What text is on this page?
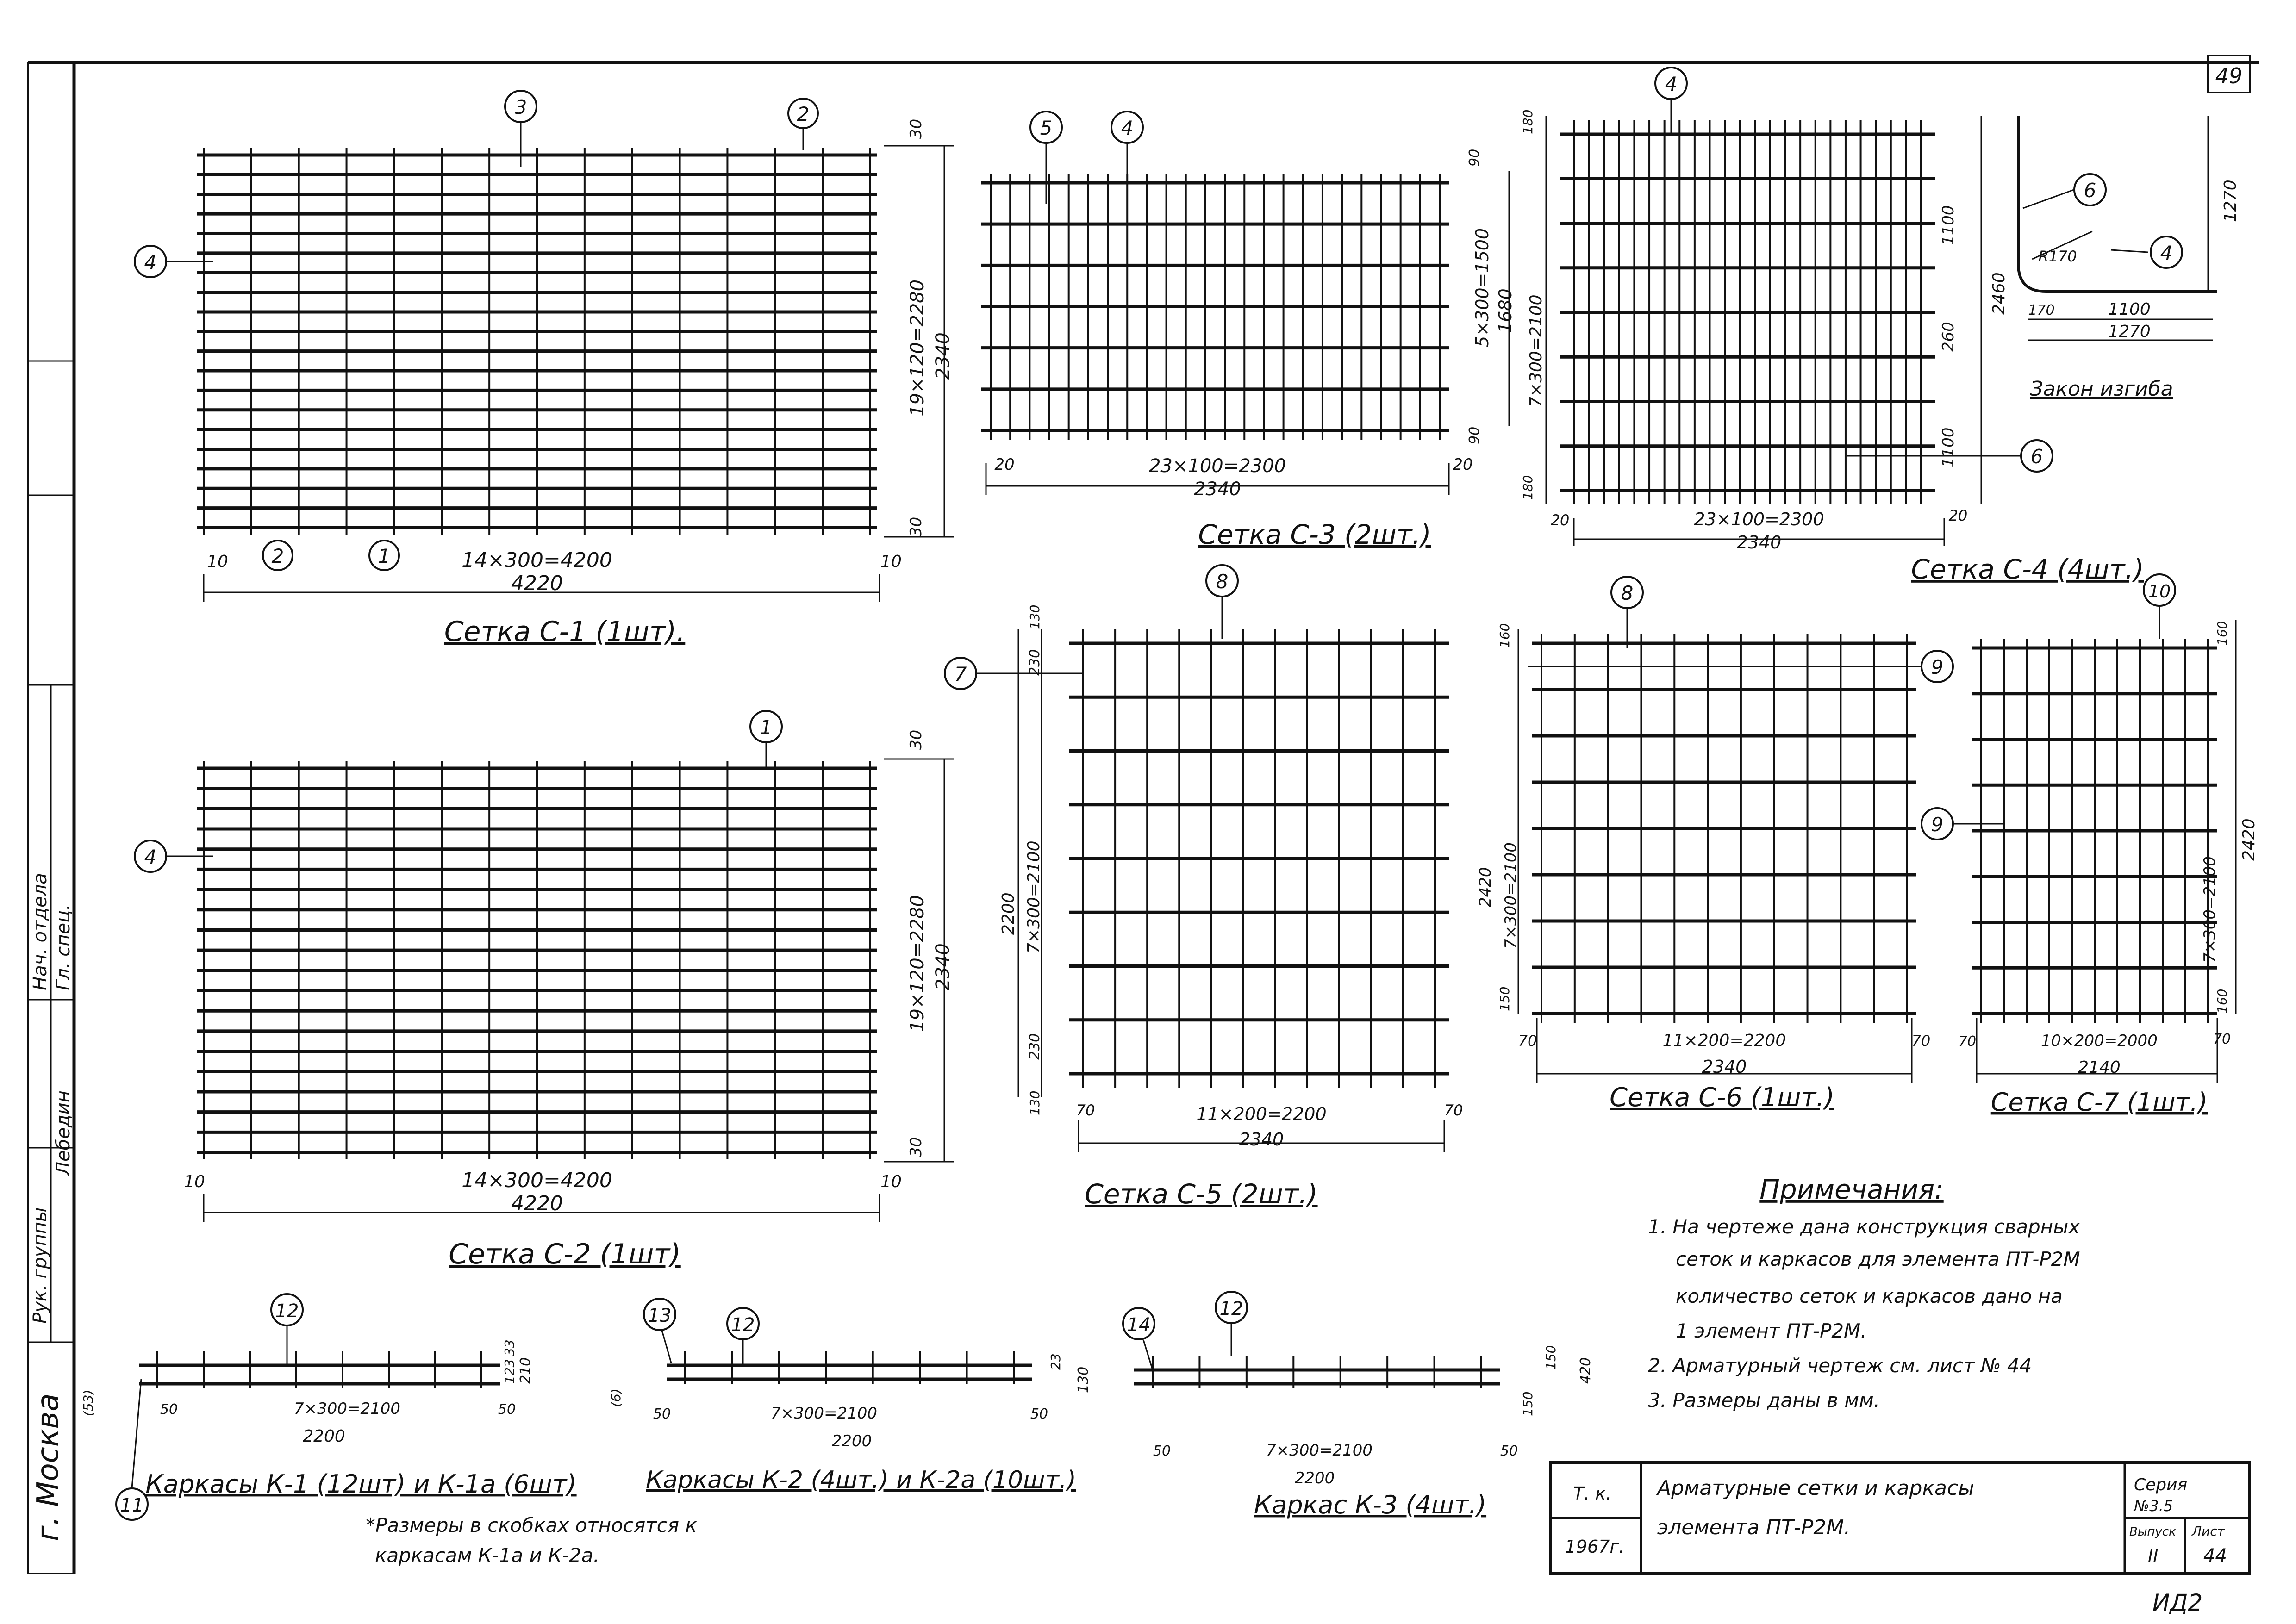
49
г. Москва
Нач. отдела Гл. спец.
Рук. группы
Лебедин
14×300=4200
4220
10	10
19×120=2280 2340
30
30
3	2
4
2	1
Сетка С-1 (1шт).
14×300=4200
4220
10	10
19×120=2280 2340
30
30
1
4
Сетка С-2 (1шт)
23×100=2300
2340
20	20
5×300=1500 1680
90
90
5	4
Сетка С-3 (2шт.)	23×100=2300
2340
20	20
7×300=2100
2460
1100
260
1100
180
180
4
6
Сетка С-4 (4шт.)
R170
1100
1270
170
1270
6
4
Закон изгиба
11×200=2200
2340
70	70
7×300=2100
2200
230
230
130
130
8
7
Сетка С-5 (2шт.)
11×200=2200
2340
70	70
7×300=2100
2420
160
150
8
9
Сетка С-6 (1шт.)
10×200=2000
2140
70	70
7×300=2100
2420
160
160
10
9
Сетка С-7 (1шт.)
12
11
7×300=2100
2200
50	50
210
(53)
123
33
Каркасы К-1 (12шт) и К-1а (6шт)
13	12
7×300=2100
2200
50	50
130
(6)
23
Каркасы К-2 (4шт.) и К-2а (10шт.)
14
12
7×300=2100
2200
50	50
420
150
150
Каркас К-3 (4шт.)
*Размеры в скобках относятся к
каркасам К-1а и К-2а.
Примечания:
1. На чертеже дана конструкция сварных
сеток и каркасов для элемента ПТ-Р2М
количество сеток и каркасов дано на
1 элемент ПТ-Р2М.
2. Арматурный чертеж см. лист № 44
3. Размеры даны в мм.
Т. к.
1967г.
Арматурные сетки и каркасы
элемента ПТ-Р2М.
Серия
№3.5
Выпуск
II
Лист
44
ИД2
